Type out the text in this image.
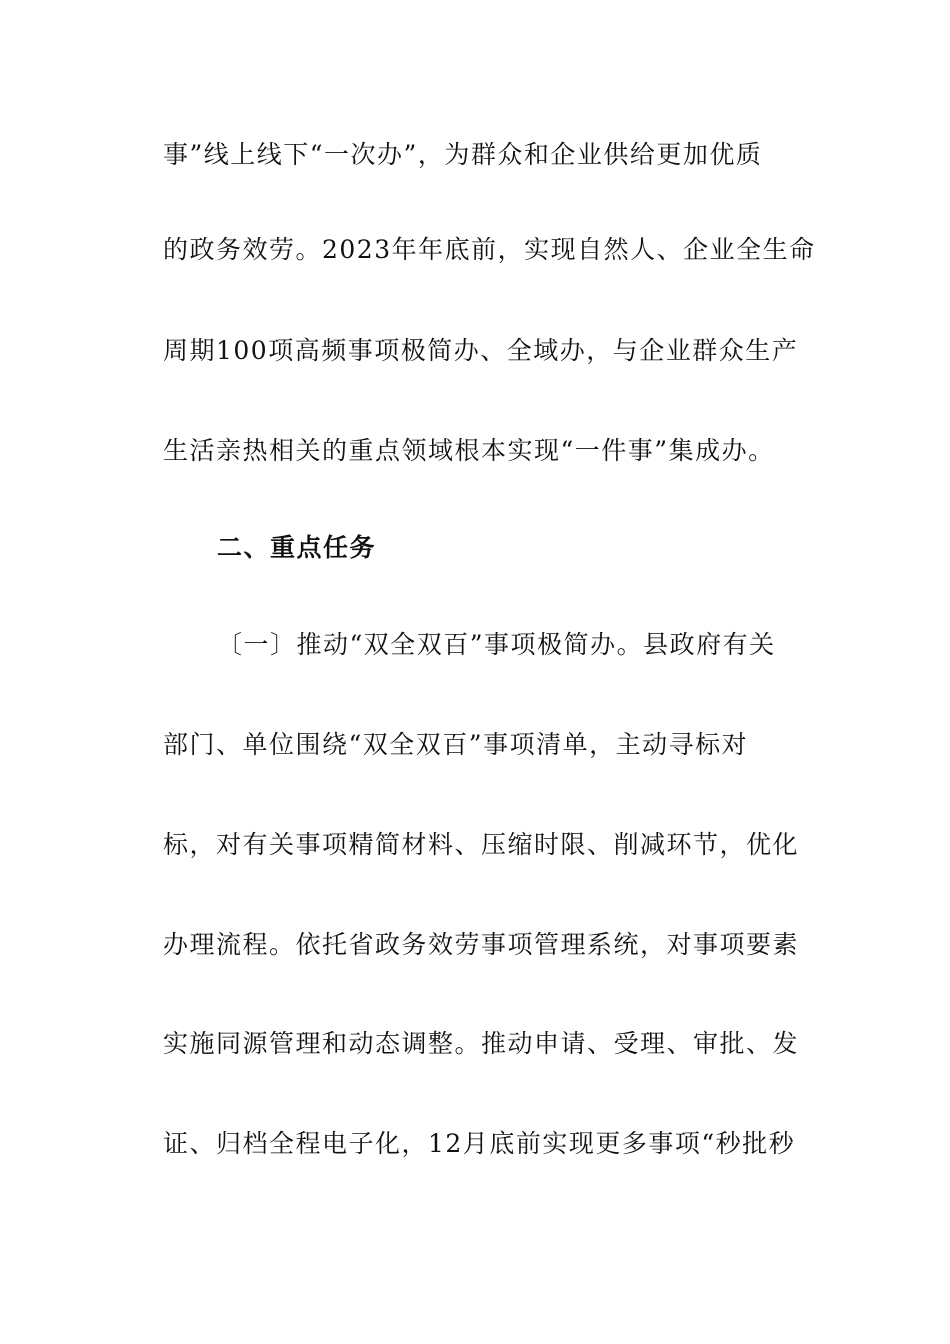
事”线上线下“一次办”，为群众和企业供给更加优质
的政务效劳。2023年年底前，实现自然人、企业全生命
周期100项高频事项极简办、全域办，与企业群众生产
生活亲热相关的重点领域根本实现“一件事”集成办。
二、重点任务
〔一〕推动“双全双百”事项极简办。县政府有关
部门、单位围绕“双全双百”事项清单，主动寻标对
标，对有关事项精简材料、压缩时限、削减环节，优化
办理流程。依托省政务效劳事项管理系统，对事项要素
实施同源管理和动态调整。推动申请、受理、审批、发
证、归档全程电子化，12月底前实现更多事项“秒批秒
